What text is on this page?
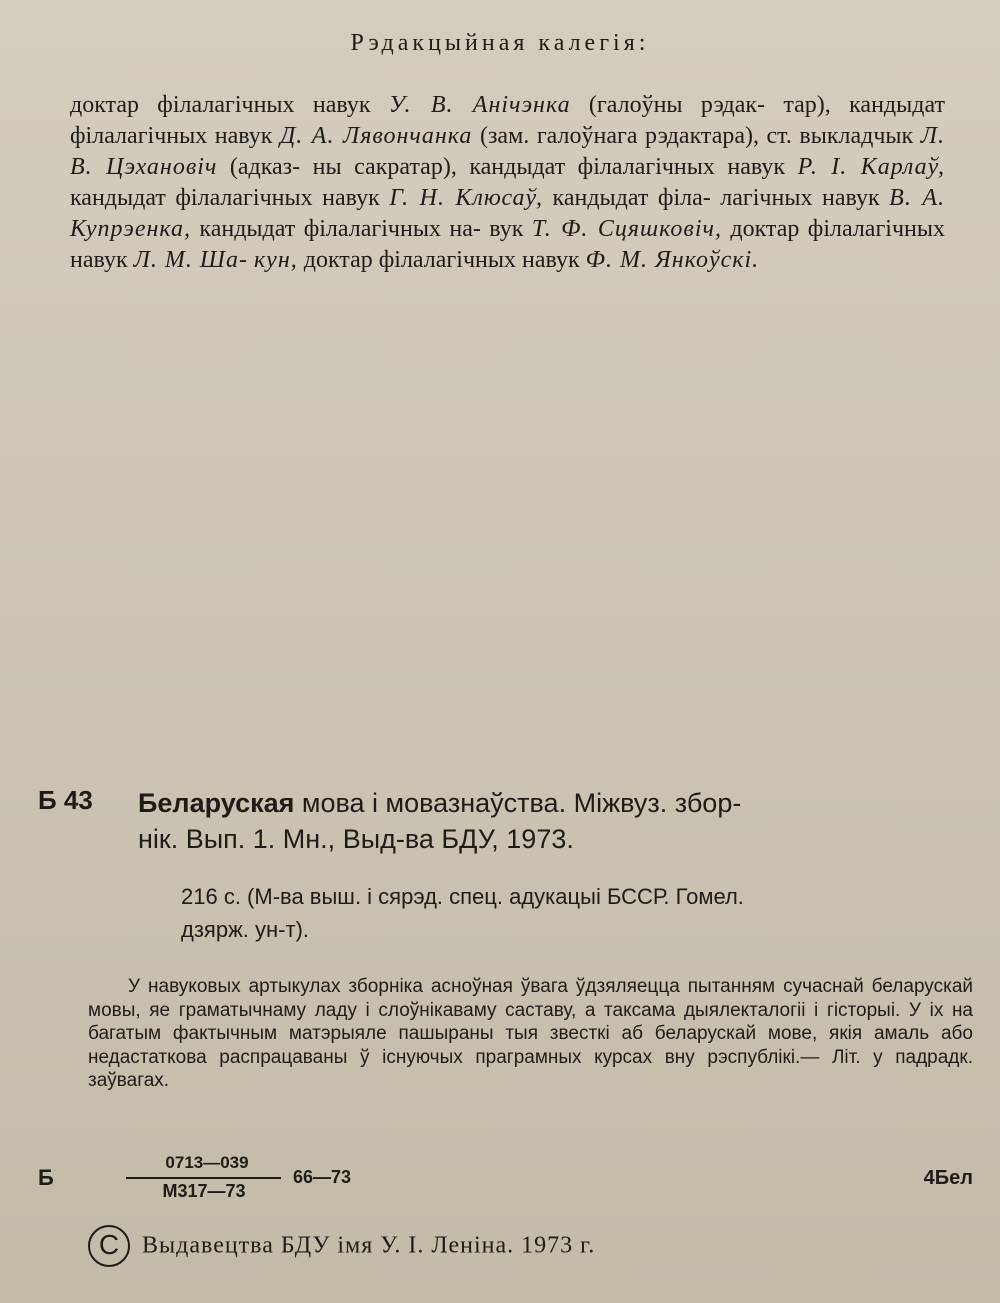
Рэдакцыйная калегія:
доктар філалагічных навук У. В. Анічэнка (галоўны рэдак- тар), кандыдат філалагічных навук Д. А. Лявончанка (зам. галоўнага рэдактара), ст. выкладчык Л. В. Цэхановіч (адказ- ны сакратар), кандыдат філалагічных навук Р. І. Карлаў, кандыдат філалагічных навук Г. Н. Клюсаў, кандыдат філа- лагічных навук В. А. Купрэенка, кандыдат філалагічных на- вук Т. Ф. Сцяшковіч, доктар філалагічных навук Л. М. Ша- кун, доктар філалагічных навук Ф. М. Янкоўскі.
Б 43 Беларуская мова і мовазнаўства. Міжвуз. збор-
нік. Вып. 1. Мн., Выд-ва БДУ, 1973.
216 с. (М-ва выш. і сярэд. спец. адукацыі БССР. Гомел.
дзярж. ун-т).
У навуковых артыкулах зборніка асноўная ўвага ўдзяляецца пытанням сучаснай беларускай мовы, яе граматычнаму ладу і слоўнікаваму саставу, а таксама дыялекталогіі і гісторыі. У іх на багатым фактычным матэрыяле пашыраны тыя звесткі аб беларускай мове, якія амаль або недастаткова распрацаваны ў існуючых праграмных курсах вну рэспублікі.— Літ. у падрадк. заўвагах.
Б
0713—039
М317—73
66—73	4Бел
C Выдавецтва БДУ імя У. І. Леніна. 1973 г.
